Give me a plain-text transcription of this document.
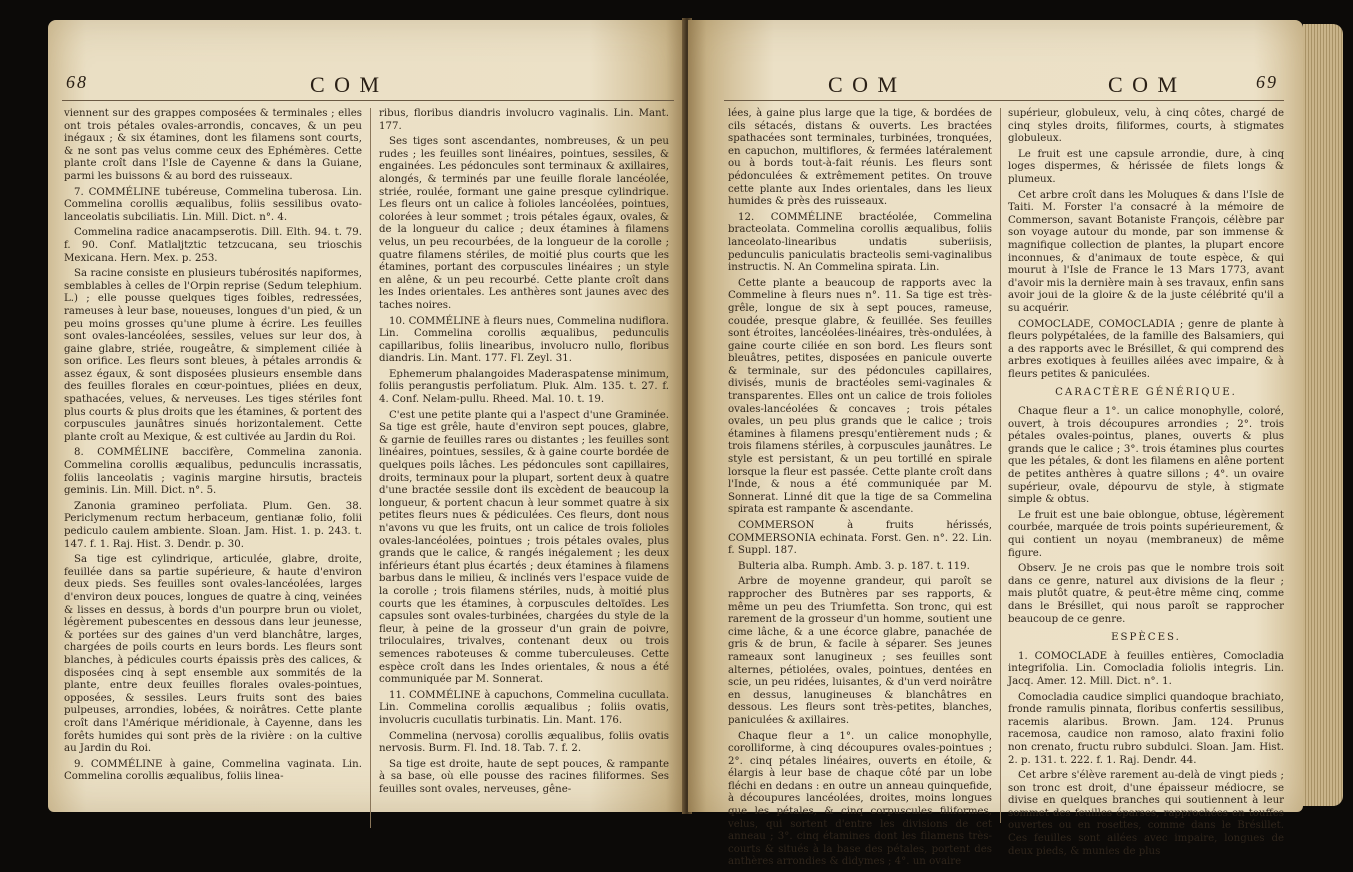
68	C O M

viennent sur des grappes composées & terminales ; elles ont trois pétales ovales-arrondis, concaves, & un peu inégaux ; & six étamines, dont les filamens sont courts, & ne sont pas velus comme ceux des Ephémères. Cette plante croît dans l'Isle de Cayenne & dans la Guiane, parmi les buissons & au bord des ruisseaux.

7. COMMÉLINE tubéreuse, Commelina tuberosa. Lin. Commelina corollis æqualibus, foliis sessilibus ovato-lanceolatis subciliatis. Lin. Mill. Dict. n°. 4.

Commelina radice anacampserotis. Dill. Elth. 94. t. 79. f. 90. Conf. Matlaljtztic tetzcucana, seu trioschis Mexicana. Hern. Mex. p. 253.

Sa racine consiste en plusieurs tubérosités napiformes, semblables à celles de l'Orpin reprise (Sedum telephium. L.) ; elle pousse quelques tiges foibles, redressées, rameuses à leur base, noueuses, longues d'un pied, & un peu moins grosses qu'une plume à écrire. Les feuilles sont ovales-lancéolées, sessiles, velues sur leur dos, à gaine glabre, striée, rougeâtre, & simplement ciliée à son orifice. Les fleurs sont bleues, à pétales arrondis & assez égaux, & sont disposées plusieurs ensemble dans des feuilles florales en cœur-pointues, pliées en deux, spathacées, velues, & nerveuses. Les tiges stériles font plus courts & plus droits que les étamines, & portent des corpuscules jaunâtres sinués horizontalement. Cette plante croît au Mexique, & est cultivée au Jardin du Roi.

8. COMMÉLINE baccifère, Commelina zanonia. Commelina corollis æqualibus, pedunculis incrassatis, foliis lanceolatis ; vaginis margine hirsutis, bracteis geminis. Lin. Mill. Dict. n°. 5.

Zanonia gramineo perfoliata. Plum. Gen. 38. Periclymenum rectum herbaceum, gentianæ folio, folii pediculo caulem ambiente. Sloan. Jam. Hist. 1. p. 243. t. 147. f. 1. Raj. Hist. 3. Dendr. p. 30.

Sa tige est cylindrique, articulée, glabre, droite, feuillée dans sa partie supérieure, & haute d'environ deux pieds. Ses feuilles sont ovales-lancéolées, larges d'environ deux pouces, longues de quatre à cinq, veinées & lisses en dessus, à bords d'un pourpre brun ou violet, légèrement pubescentes en dessous dans leur jeunesse, & portées sur des gaines d'un verd blanchâtre, larges, chargées de poils courts en leurs bords. Les fleurs sont blanches, à pédicules courts épaissis près des calices, & disposées cinq à sept ensemble aux sommités de la plante, entre deux feuilles florales ovales-pointues, opposées, & sessiles. Leurs fruits sont des baies pulpeuses, arrondies, lobées, & noirâtres. Cette plante croît dans l'Amérique méridionale, à Cayenne, dans les forêts humides qui sont près de la rivière : on la cultive au Jardin du Roi.

9. COMMÉLINE à gaine, Commelina vaginata. Lin. Commelina corollis æqualibus, foliis linea-

ribus, floribus diandris involucro vaginalis. Lin. Mant. 177.

Ses tiges sont ascendantes, nombreuses, & un peu rudes ; les feuilles sont linéaires, pointues, sessiles, & engainées. Les pédoncules sont terminaux & axillaires, alongés, & terminés par une feuille florale lancéolée, striée, roulée, formant une gaine presque cylindrique. Les fleurs ont un calice à folioles lancéolées, pointues, colorées à leur sommet ; trois pétales égaux, ovales, & de la longueur du calice ; deux étamines à filamens velus, un peu recourbées, de la longueur de la corolle ; quatre filamens stériles, de moitié plus courts que les étamines, portant des corpuscules linéaires ; un style en alêne, & un peu recourbé. Cette plante croît dans les Indes orientales. Les anthères sont jaunes avec des taches noires.

10. COMMÉLINE à fleurs nues, Commelina nudiflora. Lin. Commelina corollis æqualibus, pedunculis capillaribus, foliis linearibus, involucro nullo, floribus diandris. Lin. Mant. 177. Fl. Zeyl. 31.

Ephemerum phalangoides Maderaspatense minimum, foliis perangustis perfoliatum. Pluk. Alm. 135. t. 27. f. 4. Conf. Nelam-pullu. Rheed. Mal. 10. t. 19.

C'est une petite plante qui a l'aspect d'une Graminée. Sa tige est grêle, haute d'environ sept pouces, glabre, & garnie de feuilles rares ou distantes ; les feuilles sont linéaires, pointues, sessiles, & à gaine courte bordée de quelques poils lâches. Les pédoncules sont capillaires, droits, terminaux pour la plupart, sortent deux à quatre d'une bractée sessile dont ils excèdent de beaucoup la longueur, & portent chacun à leur sommet quatre à six petites fleurs nues & pédiculées. Ces fleurs, dont nous n'avons vu que les fruits, ont un calice de trois folioles ovales-lancéolées, pointues ; trois pétales ovales, plus grands que le calice, & rangés inégalement ; les deux inférieurs étant plus écartés ; deux étamines à filamens barbus dans le milieu, & inclinés vers l'espace vuide de la corolle ; trois filamens stériles, nuds, à moitié plus courts que les étamines, à corpuscules deltoïdes. Les capsules sont ovales-turbinées, chargées du style de la fleur, à peine de la grosseur d'un grain de poivre, triloculaires, trivalves, contenant deux ou trois semences raboteuses & comme tuberculeuses. Cette espèce croît dans les Indes orientales, & nous a été communiquée par M. Sonnerat.

11. COMMÉLINE à capuchons, Commelina cucullata. Lin. Commelina corollis æqualibus ; foliis ovatis, involucris cucullatis turbinatis. Lin. Mant. 176.

Commelina (nervosa) corollis æqualibus, foliis ovatis nervosis. Burm. Fl. Ind. 18. Tab. 7. f. 2.

Sa tige est droite, haute de sept pouces, & rampante à sa base, où elle pousse des racines filiformes. Ses feuilles sont ovales, nerveuses, gêne-

C O M	C O M	69

lées, à gaine plus large que la tige, & bordées de cils sétacés, distans & ouverts. Les bractées spathacées sont terminales, turbinées, tronquées, en capuchon, multiflores, & fermées latéralement ou à bords tout-à-fait réunis. Les fleurs sont pédonculées & extrêmement petites. On trouve cette plante aux Indes orientales, dans les lieux humides & près des ruisseaux.

12. COMMÉLINE bractéolée, Commelina bracteolata. Commelina corollis æqualibus, foliis lanceolato-linearibus undatis suberiisis, pedunculis paniculatis bracteolis semi-vaginalibus instructis. N. An Commelina spirata. Lin.

Cette plante a beaucoup de rapports avec la Commeline à fleurs nues n°. 11. Sa tige est très-grêle, longue de six à sept pouces, rameuse, coudée, presque glabre, & feuillée. Ses feuilles sont étroites, lancéolées-linéaires, très-ondulées, à gaine courte ciliée en son bord. Les fleurs sont bleuâtres, petites, disposées en panicule ouverte & terminale, sur des pédoncules capillaires, divisés, munis de bractéoles semi-vaginales & transparentes. Elles ont un calice de trois folioles ovales-lancéolées & concaves ; trois pétales ovales, un peu plus grands que le calice ; trois étamines à filamens presqu'entièrement nuds ; & trois filamens stériles, à corpuscules jaunâtres. Le style est persistant, & un peu tortillé en spirale lorsque la fleur est passée. Cette plante croît dans l'Inde, & nous a été communiquée par M. Sonnerat. Linné dit que la tige de sa Commelina spirata est rampante & ascendante.

COMMERSON à fruits hérissés, COMMERSONIA echinata. Forst. Gen. n°. 22. Lin. f. Suppl. 187.

Bulteria alba. Rumph. Amb. 3. p. 187. t. 119.

Arbre de moyenne grandeur, qui paroît se rapprocher des Butnères par ses rapports, & même un peu des Triumfetta. Son tronc, qui est rarement de la grosseur d'un homme, soutient une cime lâche, & a une écorce glabre, panachée de gris & de brun, & facile à séparer. Ses jeunes rameaux sont lanugineux ; ses feuilles sont alternes, pétiolées, ovales, pointues, dentées en scie, un peu ridées, luisantes, & d'un verd noirâtre en dessus, lanugineuses & blanchâtres en dessous. Les fleurs sont très-petites, blanches, paniculées & axillaires.

Chaque fleur a 1°. un calice monophylle, corolliforme, à cinq découpures ovales-pointues ; 2°. cinq pétales linéaires, ouverts en étoile, & élargis à leur base de chaque côté par un lobe fléchi en dedans : en outre un anneau quinquefide, à découpures lancéolées, droites, moins longues que les pétales, & cinq corpuscules filiformes, velus, qui sortent d'entre les divisions de cet anneau ; 3°. cinq étamines dont les filamens très-courts & situés à la base des pétales, portent des anthères arrondies & didymes ; 4°. un ovaire

supérieur, globuleux, velu, à cinq côtes, chargé de cinq styles droits, filiformes, courts, à stigmates globuleux.

Le fruit est une capsule arrondie, dure, à cinq loges dispermes, & hérissée de filets longs & plumeux.

Cet arbre croît dans les Moluques & dans l'Isle de Taiti. M. Forster l'a consacré à la mémoire de Commerson, savant Botaniste François, célèbre par son voyage autour du monde, par son immense & magnifique collection de plantes, la plupart encore inconnues, & d'animaux de toute espèce, & qui mourut à l'Isle de France le 13 Mars 1773, avant d'avoir mis la dernière main à ses travaux, enfin sans avoir joui de la gloire & de la juste célébrité qu'il a su acquérir.

COMOCLADE, COMOCLADIA ; genre de plante à fleurs polypétalées, de la famille des Balsamiers, qui a des rapports avec le Brésillet, & qui comprend des arbres exotiques à feuilles ailées avec impaire, & à fleurs petites & paniculées.

CARACTÈRE GÉNÉRIQUE.

Chaque fleur a 1°. un calice monophylle, coloré, ouvert, à trois découpures arrondies ; 2°. trois pétales ovales-pointus, planes, ouverts & plus grands que le calice ; 3°. trois étamines plus courtes que les pétales, & dont les filamens en alêne portent de petites anthères à quatre sillons ; 4°. un ovaire supérieur, ovale, dépourvu de style, à stigmate simple & obtus.

Le fruit est une baie oblongue, obtuse, légèrement courbée, marquée de trois points supérieurement, & qui contient un noyau (membraneux) de même figure.

Observ. Je ne crois pas que le nombre trois soit dans ce genre, naturel aux divisions de la fleur ; mais plutôt quatre, & peut-être même cinq, comme dans le Brésillet, qui nous paroît se rapprocher beaucoup de ce genre.

ESPÈCES.

1. COMOCLADE à feuilles entières, Comocladia integrifolia. Lin. Comocladia foliolis integris. Lin. Jacq. Amer. 12. Mill. Dict. n°. 1.

Comocladia caudice simplici quandoque brachiato, fronde ramulis pinnata, floribus confertis sessilibus, racemis alaribus. Brown. Jam. 124. Prunus racemosa, caudice non ramoso, alato fraxini folio non crenato, fructu rubro subdulci. Sloan. Jam. Hist. 2. p. 131. t. 222. f. 1. Raj. Dendr. 44.

Cet arbre s'élève rarement au-delà de vingt pieds ; son tronc est droit, d'une épaisseur médiocre, se divise en quelques branches qui soutiennent à leur sommet des feuilles éparses, rapprochées en touffes ouvertes ou en rosettes, comme dans le Brésillet. Ces feuilles sont ailées avec impaire, longues de deux pieds, & munies de plus
